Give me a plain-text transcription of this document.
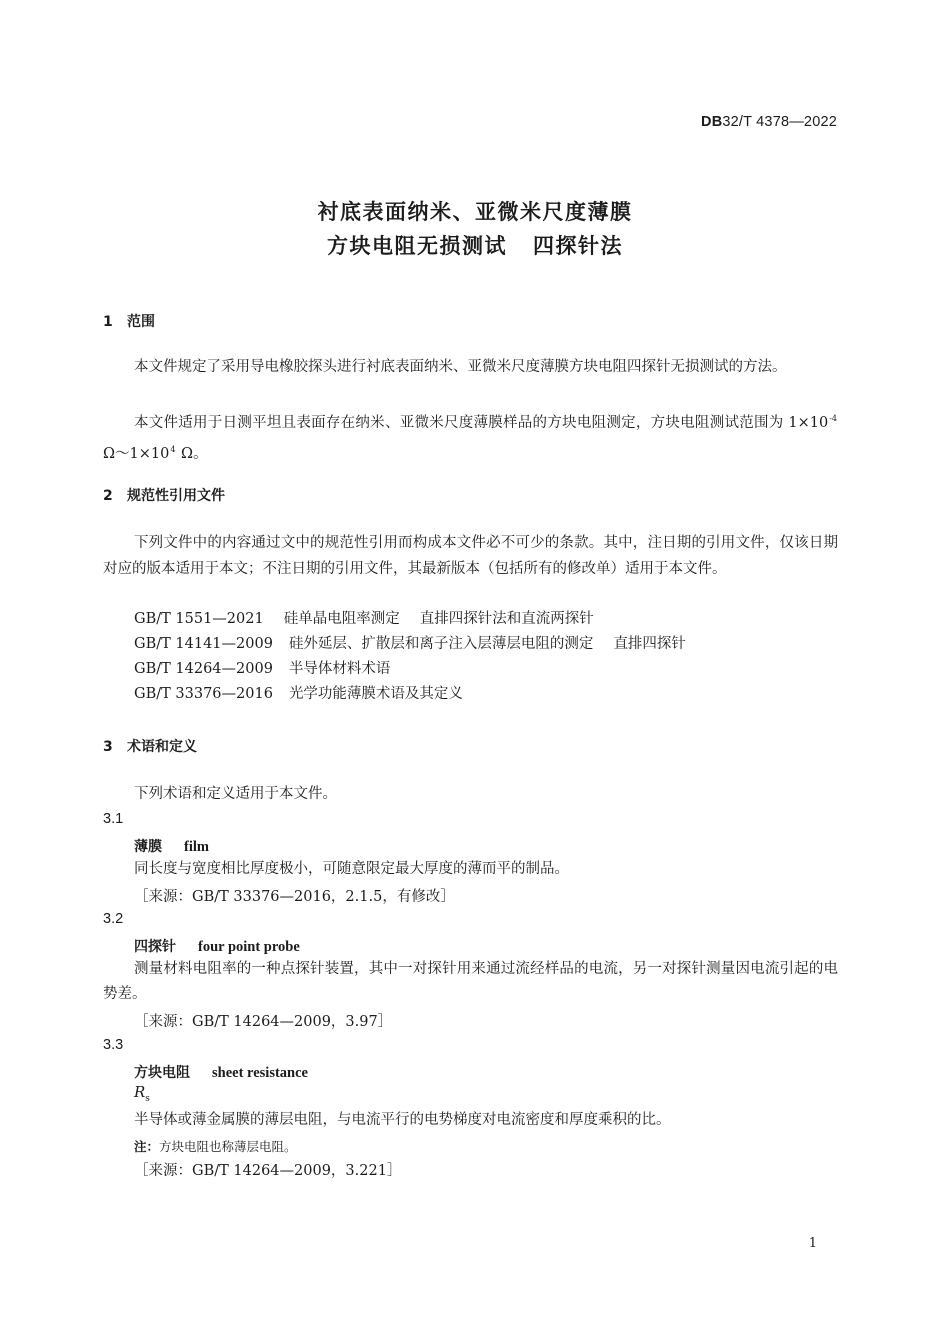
DB32/T 4378—2022
衬底表面纳米、亚微米尺度薄膜
方块电阻无损测试 四探针法
1 范围
本文件规定了采用导电橡胶探头进行衬底表面纳米、亚微米尺度薄膜方块电阻四探针无损测试的方法。
本文件适用于日测平坦且表面存在纳米、亚微米尺度薄膜样品的方块电阻测定，方块电阻测试范围为 $1\times 10^{-4}$ $\Omega\sim 1\times 10^4$ Ω。
2 规范性引用文件
下列文件中的内容通过文中的规范性引用而构成本文件必不可少的条款。其中，注日期的引用文件，仅该日期对应的版本适用于本文；不注日期的引用文件，其最新版本（包括所有的修改单）适用于本文件。
GB/T 1551—2021 硅单晶电阻率测定 直排四探针法和直流两探针
GB/T 14141—2009 硅外延层、扩散层和离子注入层薄层电阻的测定 直排四探针
GB/T 14264—2009 半导体材料术语
GB/T 33376—2016 光学功能薄膜术语及其定义
3 术语和定义
下列术语和定义适用于本文件。
3.1
薄膜 film
同长度与宽度相比厚度极小，可随意限定最大厚度的薄而平的制品。
［来源：GB/T 33376—2016，2.1.5，有修改］
3.2
四探针 four point probe
测量材料电阻率的一种点探针装置，其中一对探针用来通过流经样品的电流，另一对探针测量因电流引起的电势差。
［来源：GB/T 14264—2009，3.97］
3.3
方块电阻 sheet resistance
$R_s$
半导体或薄金属膜的薄层电阻，与电流平行的电势梯度对电流密度和厚度乘积的比。
注：方块电阻也称薄层电阻。
［来源：GB/T 14264—2009，3.221］
1
